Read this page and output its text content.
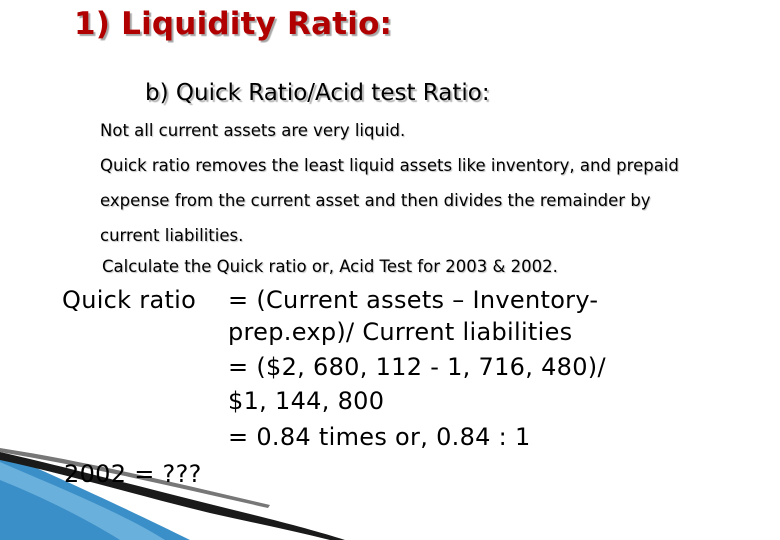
1) Liquidity Ratio:
b) Quick Ratio/Acid test Ratio:
Not all current assets are very liquid.
Quick ratio removes the least liquid assets like inventory, and prepaid
expense from the current asset and then divides the remainder by
current liabilities.
Calculate the Quick ratio or, Acid Test for 2003 & 2002.
Quick ratio = (Current assets – Inventory-
prep.exp)/ Current liabilities
= ($2, 680, 112 - 1, 716, 480)/
$1, 144, 800
= 0.84 times or, 0.84 : 1
2002 = ???
